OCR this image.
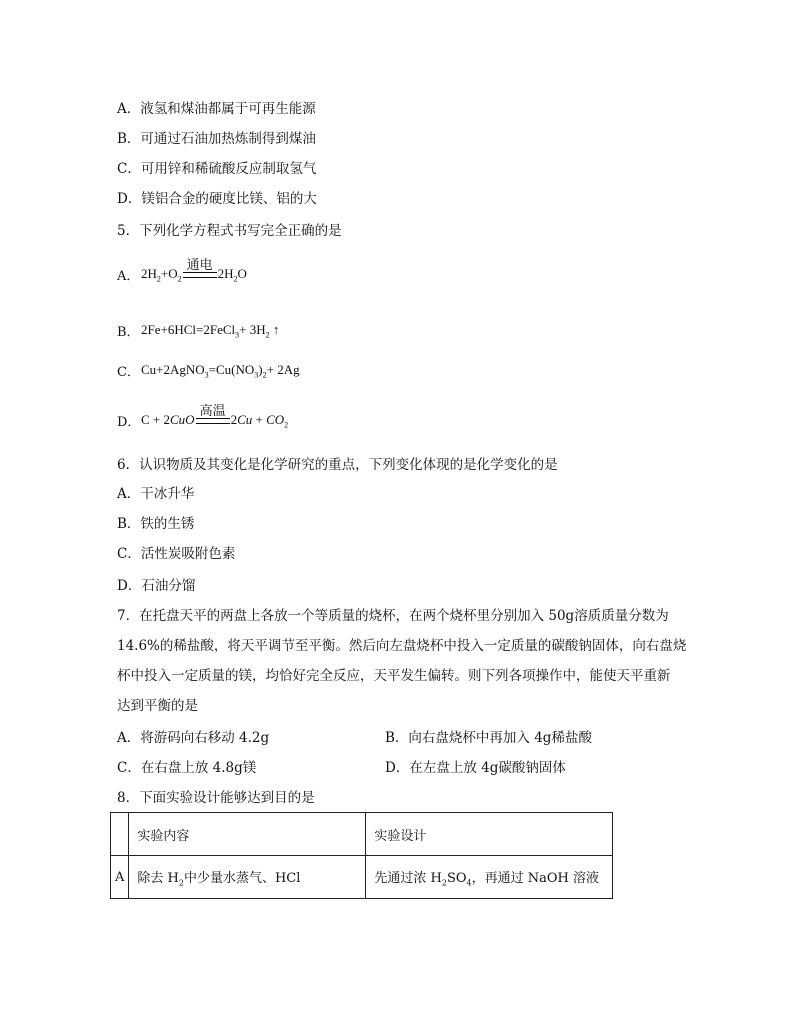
A．液氢和煤油都属于可再生能源
B．可通过石油加热炼制得到煤油
C．可用锌和稀硫酸反应制取氢气
D．镁铝合金的硬度比镁、铝的大
5．下列化学方程式书写完全正确的是
A． $2H_2+O_2$
通电
$2H_2O$
B． 2Fe+6HCl=2FeCl$_3$+ $3H_2$ ↑
C． $Cu+2AgNO_3=Cu(NO_3)_2+ 2Ag$
D． C + 2CuO
高温
$2Cu + CO_2$
6．认识物质及其变化是化学研究的重点，下列变化体现的是化学变化的是
A．干冰升华
B．铁的生锈
C．活性炭吸附色素
D．石油分馏
7．在托盘天平的两盘上各放一个等质量的烧杯，在两个烧杯里分别加入 50g溶质质量分数为
14.6%的稀盐酸，将天平调节至平衡。然后向左盘烧杯中投入一定质量的碳酸钠固体，向右盘烧
杯中投入一定质量的镁，均恰好完全反应，天平发生偏转。则下列各项操作中，能使天平重新
达到平衡的是
A．将游码向右移动 4.2g	B．向右盘烧杯中再加入 4g稀盐酸
C．在右盘上放 4.8g镁	D．在左盘上放 4g碳酸钠固体
8．下面实验设计能够达到目的是
	实验内容	实验设计
A	除去 $H_2$中少量水蒸气、HCl	先通过浓 $H_2SO_4$，再通过 NaOH 溶液
